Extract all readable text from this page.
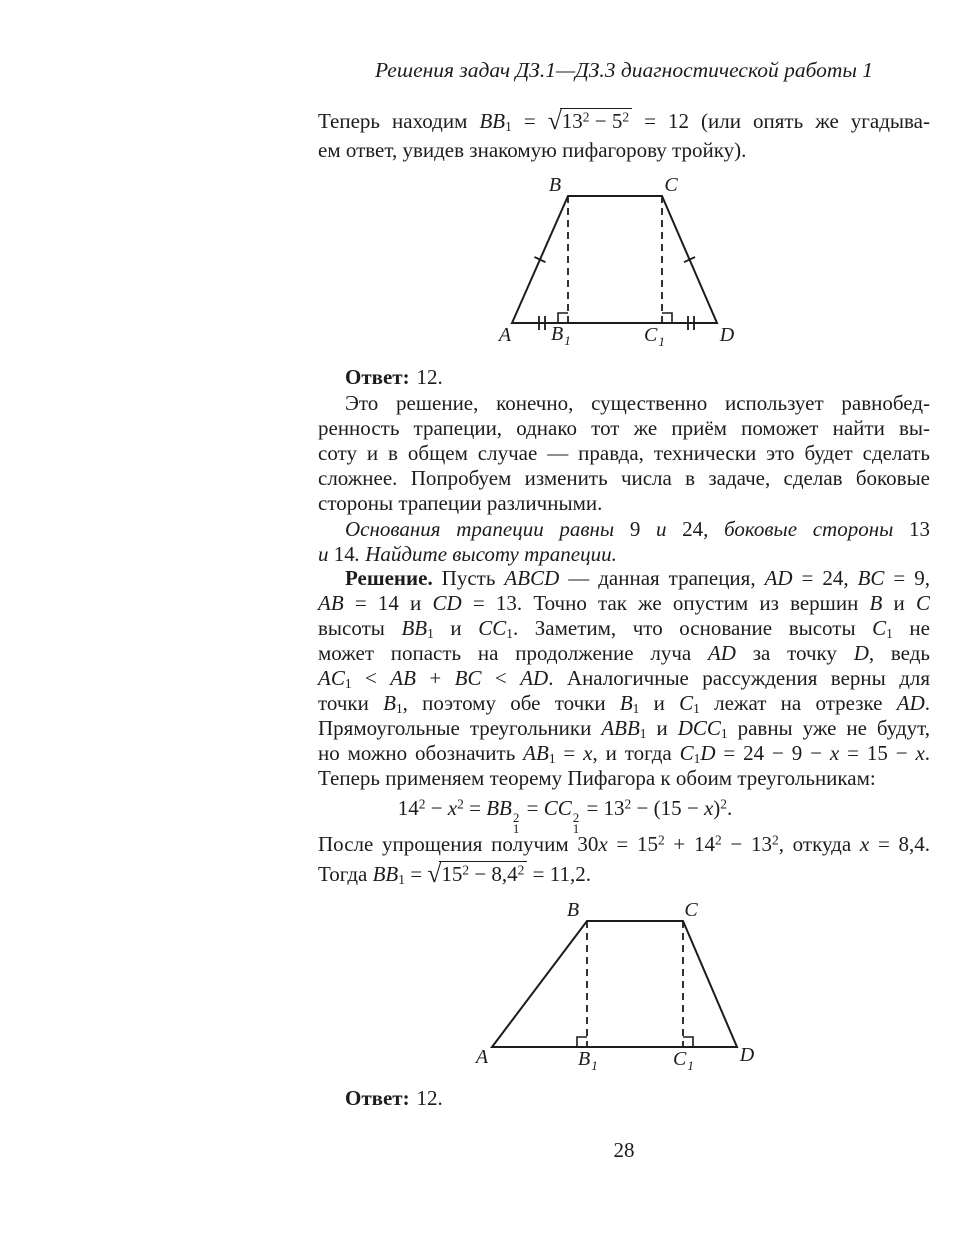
Решения задач ДЗ.1—ДЗ.3 диагностической работы 1
Теперь находим $BB1 = √13^2 - 5^2 = 12$ (или опять же угадыва-
ем ответ, увидев знакомую пифагорову тройку).
A
B	C
D
$B_1$	$C_1$
Ответ: 12.
Это решение, конечно, существенно использует равнобед-
ренность трапеции, однако тот же приём поможет найти вы-
соту и в общем случае — правда, технически это будет сделать
сложнее. Попробуем изменить числа в задаче, сделав боковые
стороны трапеции различными.
Основания трапеции равны 9 и 24, боковые стороны 13
и 14. Найдите высоту трапеции.
Решение. Пусть ABCD — данная трапеция, AD = 24, BC = 9,
AB = 14 и CD = 13. Точно так же опустим из вершин B и C
высоты BB1 и CC1. Заметим, что основание высоты C1 не
может попасть на продолжение луча AD за точку D, ведь
AC1 < AB + BC < AD. Аналогичные рассуждения верны для
точки B1, поэтому обе точки B1 и C1 лежат на отрезке AD.
Прямоугольные треугольники ABB1 и DCC1 равны уже не будут,
но можно обозначить AB1 = x, и тогда C1D = 24 − 9 − x = 15 − x.
Теперь применяем теорему Пифагора к обоим треугольникам:
$14^2 - x^2$ = BB 2
1
= CC 2
1
= $13^2 - (15 - x)^2$.
После упрощения получим $30x = 15^2 + 14^2 - 13^2$, откуда x = 8,4.
Тогда $BB1 = √15^2 - 8,4^2 = 11,2$.
A
B	C
D
$B_1$	$C_1$
Ответ: 12.
28
